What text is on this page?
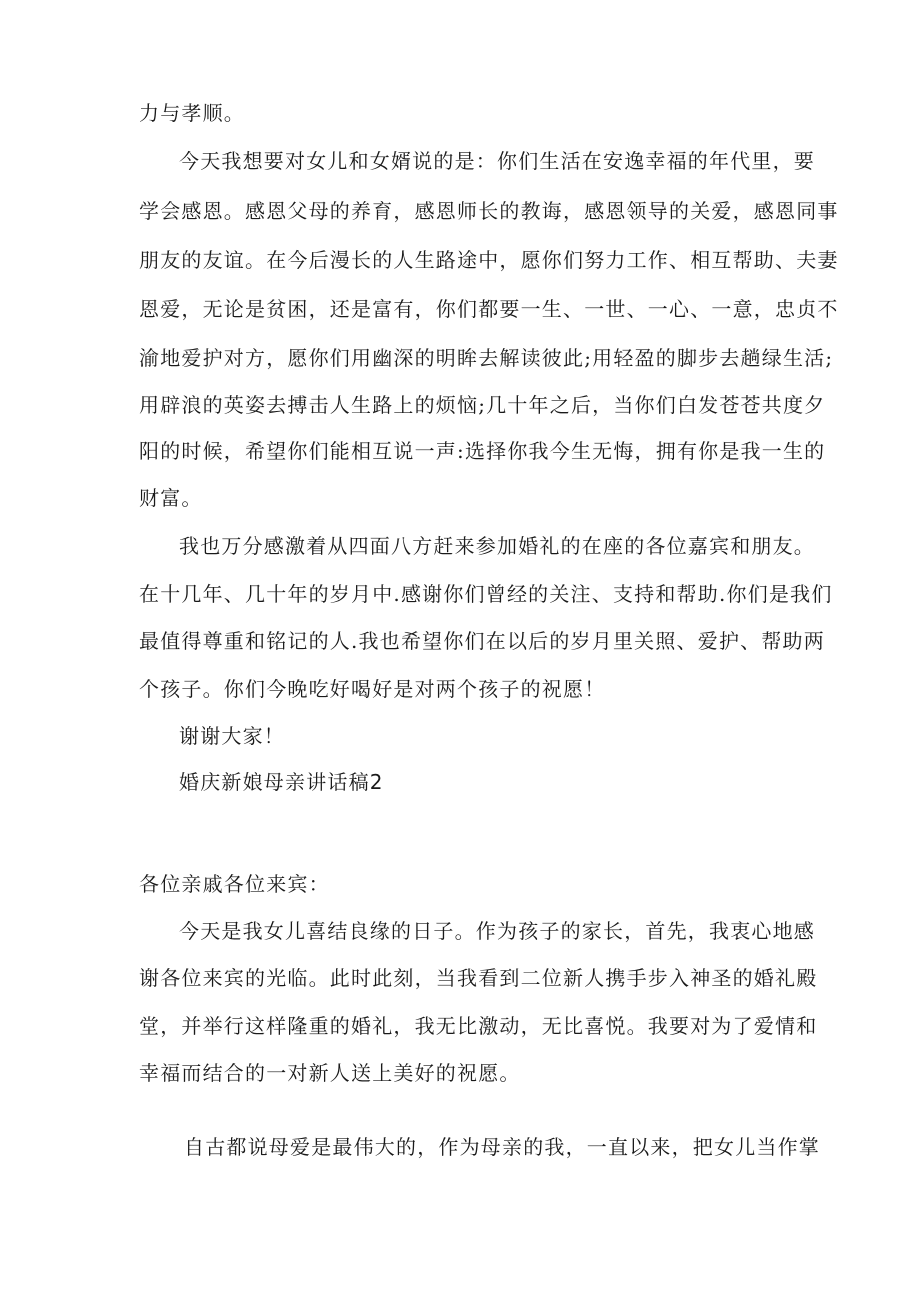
力与孝顺。
今天我想要对女儿和女婿说的是：你们生活在安逸幸福的年代里，要
学会感恩。感恩父母的养育，感恩师长的教诲，感恩领导的关爱，感恩同事
朋友的友谊。在今后漫长的人生路途中，愿你们努力工作、相互帮助、夫妻
恩爱，无论是贫困，还是富有，你们都要一生、一世、一心、一意，忠贞不
渝地爱护对方，愿你们用幽深的明眸去解读彼此;用轻盈的脚步去趟绿生活;
用辟浪的英姿去搏击人生路上的烦恼;几十年之后，当你们白发苍苍共度夕
阳的时候，希望你们能相互说一声:选择你我今生无悔，拥有你是我一生的
财富。
我也万分感激着从四面八方赶来参加婚礼的在座的各位嘉宾和朋友。
在十几年、几十年的岁月中.感谢你们曾经的关注、支持和帮助.你们是我们
最值得尊重和铭记的人.我也希望你们在以后的岁月里关照、爱护、帮助两
个孩子。你们今晚吃好喝好是对两个孩子的祝愿！
谢谢大家！
婚庆新娘母亲讲话稿2
各位亲戚各位来宾：
今天是我女儿喜结良缘的日子。作为孩子的家长，首先，我衷心地感
谢各位来宾的光临。此时此刻，当我看到二位新人携手步入神圣的婚礼殿
堂，并举行这样隆重的婚礼，我无比激动，无比喜悦。我要对为了爱情和
幸福而结合的一对新人送上美好的祝愿。
自古都说母爱是最伟大的，作为母亲的我，一直以来，把女儿当作掌
